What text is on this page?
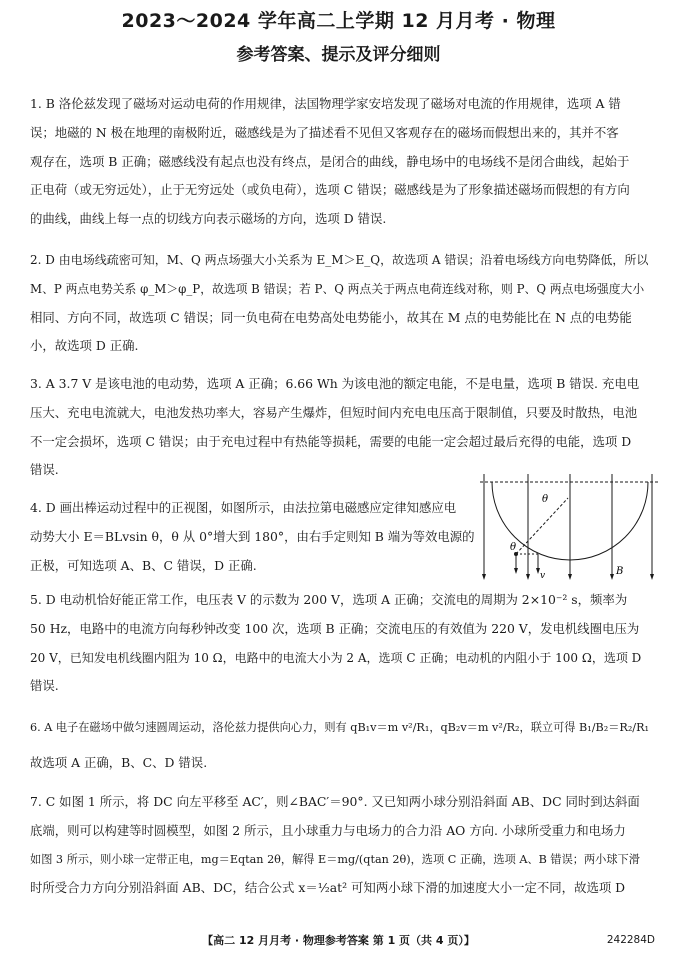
2023～2024 学年高二上学期 12 月月考 · 物理
参考答案、提示及评分细则
1. B 洛伦兹发现了磁场对运动电荷的作用规律，法国物理学家安培发现了磁场对电流的作用规律，选项 A 错
误；地磁的 N 极在地理的南极附近，磁感线是为了描述看不见但又客观存在的磁场而假想出来的，其并不客
观存在，选项 B 正确；磁感线没有起点也没有终点，是闭合的曲线，静电场中的电场线不是闭合曲线，起始于
正电荷（或无穷远处），止于无穷远处（或负电荷），选项 C 错误；磁感线是为了形象描述磁场而假想的有方向
的曲线，曲线上每一点的切线方向表示磁场的方向，选项 D 错误.
2. D 由电场线疏密可知，M、Q 两点场强大小关系为 E_M＞E_Q，故选项 A 错误；沿着电场线方向电势降低，所以
M、P 两点电势关系 φ_M＞φ_P，故选项 B 错误；若 P、Q 两点关于两点电荷连线对称，则 P、Q 两点电场强度大小
相同、方向不同，故选项 C 错误；同一负电荷在电势高处电势能小，故其在 M 点的电势能比在 N 点的电势能
小，故选项 D 正确.
3. A 3.7 V 是该电池的电动势，选项 A 正确；6.66 Wh 为该电池的额定电能，不是电量，选项 B 错误. 充电电
压大、充电电流就大，电池发热功率大，容易产生爆炸，但短时间内充电电压高于限制值，只要及时散热，电池
不一定会损坏，选项 C 错误；由于充电过程中有热能等损耗，需要的电能一定会超过最后充得的电能，选项 D
错误.
4. D 画出棒运动过程中的正视图，如图所示，由法拉第电磁感应定律知感应电
动势大小 E＝BLvsin θ，θ 从 0°增大到 180°，由右手定则知 B 端为等效电源的
正极，可知选项 A、B、C 错误，D 正确.
θ
θ
v	B
5. D 电动机恰好能正常工作，电压表 V 的示数为 200 V，选项 A 正确；交流电的周期为 2×10⁻² s，频率为
50 Hz，电路中的电流方向每秒钟改变 100 次，选项 B 正确；交流电压的有效值为 220 V，发电机线圈电压为
20 V，已知发电机线圈内阻为 10 Ω，电路中的电流大小为 2 A，选项 C 正确；电动机的内阻小于 100 Ω，选项 D
错误.
6. A 电子在磁场中做匀速圆周运动，洛伦兹力提供向心力，则有 qB₁v＝m v²/R₁，qB₂v＝m v²/R₂，联立可得 B₁/B₂＝R₂/R₁
故选项 A 正确，B、C、D 错误.
7. C 如图 1 所示，将 DC 向左平移至 AC′，则∠BAC′＝90°. 又已知两小球分别沿斜面 AB、DC 同时到达斜面
底端，则可以构建等时圆模型，如图 2 所示，且小球重力与电场力的合力沿 AO 方向. 小球所受重力和电场力
如图 3 所示，则小球一定带正电，mg＝Eqtan 2θ，解得 E＝mg/(qtan 2θ)，选项 C 正确，选项 A、B 错误；两小球下滑
时所受合力方向分别沿斜面 AB、DC，结合公式 x＝½at² 可知两小球下滑的加速度大小一定不同，故选项 D
【高二 12 月月考 · 物理参考答案 第 1 页（共 4 页）】	242284D
